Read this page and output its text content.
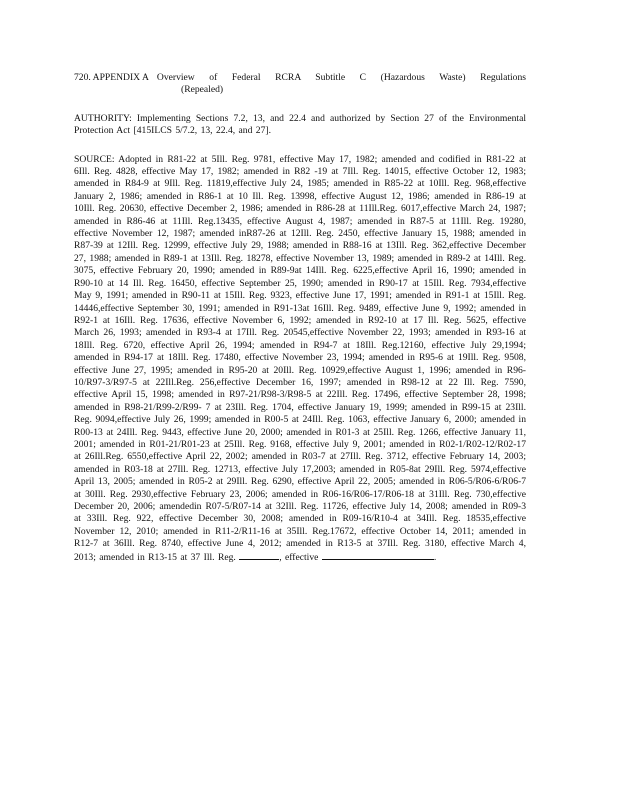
720. APPENDIX A Overview of Federal RCRA Subtitle C (Hazardous Waste) Regulations
(Repealed)

AUTHORITY: Implementing Sections 7.2, 13, and 22.4 and authorized by Section 27 of the Environmental Protection Act [415ILCS 5/7.2, 13, 22.4, and 27].

SOURCE: Adopted in R81-22 at 5Ill. Reg. 9781, effective May 17, 1982; amended and codified in R81-22 at 6Ill. Reg. 4828, effective May 17, 1982; amended in R82 -19 at 7Ill. Reg. 14015, effective October 12, 1983; amended in R84-9 at 9Ill. Reg. 11819,effective July 24, 1985; amended in R85-22 at 10Ill. Reg. 968,effective January 2, 1986; amended in R86-1 at 10 Ill. Reg. 13998, effective August 12, 1986; amended in R86-19 at 10Ill. Reg. 20630, effective December 2, 1986; amended in R86-28 at 11Ill.Reg. 6017,effective March 24, 1987; amended in R86-46 at 11Ill. Reg.13435, effective August 4, 1987; amended in R87-5 at 11Ill. Reg. 19280, effective November 12, 1987; amended inR87-26 at 12Ill. Reg. 2450, effective January 15, 1988; amended in R87-39 at 12Ill. Reg. 12999, effective July 29, 1988; amended in R88-16 at 13Ill. Reg. 362,effective December 27, 1988; amended in R89-1 at 13Ill. Reg. 18278, effective November 13, 1989; amended in R89-2 at 14Ill. Reg. 3075, effective February 20, 1990; amended in R89-9at 14Ill. Reg. 6225,effective April 16, 1990; amended in R90-10 at 14 Ill. Reg. 16450, effective September 25, 1990; amended in R90-17 at 15Ill. Reg. 7934,effective May 9, 1991; amended in R90-11 at 15Ill. Reg. 9323, effective June 17, 1991; amended in R91-1 at 15Ill. Reg. 14446,effective September 30, 1991; amended in R91-13at 16Ill. Reg. 9489, effective June 9, 1992; amended in R92-1 at 16Ill. Reg. 17636, effective November 6, 1992; amended in R92-10 at 17 Ill. Reg. 5625, effective March 26, 1993; amended in R93-4 at 17Ill. Reg. 20545,effective November 22, 1993; amended in R93-16 at 18Ill. Reg. 6720, effective April 26, 1994; amended in R94-7 at 18Ill. Reg.12160, effective July 29,1994; amended in R94-17 at 18Ill. Reg. 17480, effective November 23, 1994; amended in R95-6 at 19Ill. Reg. 9508, effective June 27, 1995; amended in R95-20 at 20Ill. Reg. 10929,effective August 1, 1996; amended in R96-10/R97-3/R97-5 at 22Ill.Reg. 256,effective December 16, 1997; amended in R98-12 at 22 Ill. Reg. 7590, effective April 15, 1998; amended in R97-21/R98-3/R98-5 at 22Ill. Reg. 17496, effective September 28, 1998; amended in R98-21/R99-2/R99- 7 at 23Ill. Reg. 1704, effective January 19, 1999; amended in R99-15 at 23Ill. Reg. 9094,effective July 26, 1999; amended in R00-5 at 24Ill. Reg. 1063, effective January 6, 2000; amended in R00-13 at 24Ill. Reg. 9443, effective June 20, 2000; amended in R01-3 at 25Ill. Reg. 1266, effective January 11, 2001; amended in R01-21/R01-23 at 25Ill. Reg. 9168, effective July 9, 2001; amended in R02-1/R02-12/R02-17 at 26Ill.Reg. 6550,effective April 22, 2002; amended in R03-7 at 27Ill. Reg. 3712, effective February 14, 2003; amended in R03-18 at 27Ill. Reg. 12713, effective July 17,2003; amended in R05-8at 29Ill. Reg. 5974,effective April 13, 2005; amended in R05-2 at 29Ill. Reg. 6290, effective April 22, 2005; amended in R06-5/R06-6/R06-7 at 30Ill. Reg. 2930,effective February 23, 2006; amended in R06-16/R06-17/R06-18 at 31Ill. Reg. 730,effective December 20, 2006; amendedin R07-5/R07-14 at 32Ill. Reg. 11726, effective July 14, 2008; amended in R09-3 at 33Ill. Reg. 922, effective December 30, 2008; amended in R09-16/R10-4 at 34Ill. Reg. 18535,effective November 12, 2010; amended in R11-2/R11-16 at 35Ill. Reg.17672, effective October 14, 2011; amended in R12-7 at 36Ill. Reg. 8740, effective June 4, 2012; amended in R13-5 at 37Ill. Reg. 3180, effective March 4, 2013; amended in R13-15 at 37 Ill. Reg.	, effective	.
